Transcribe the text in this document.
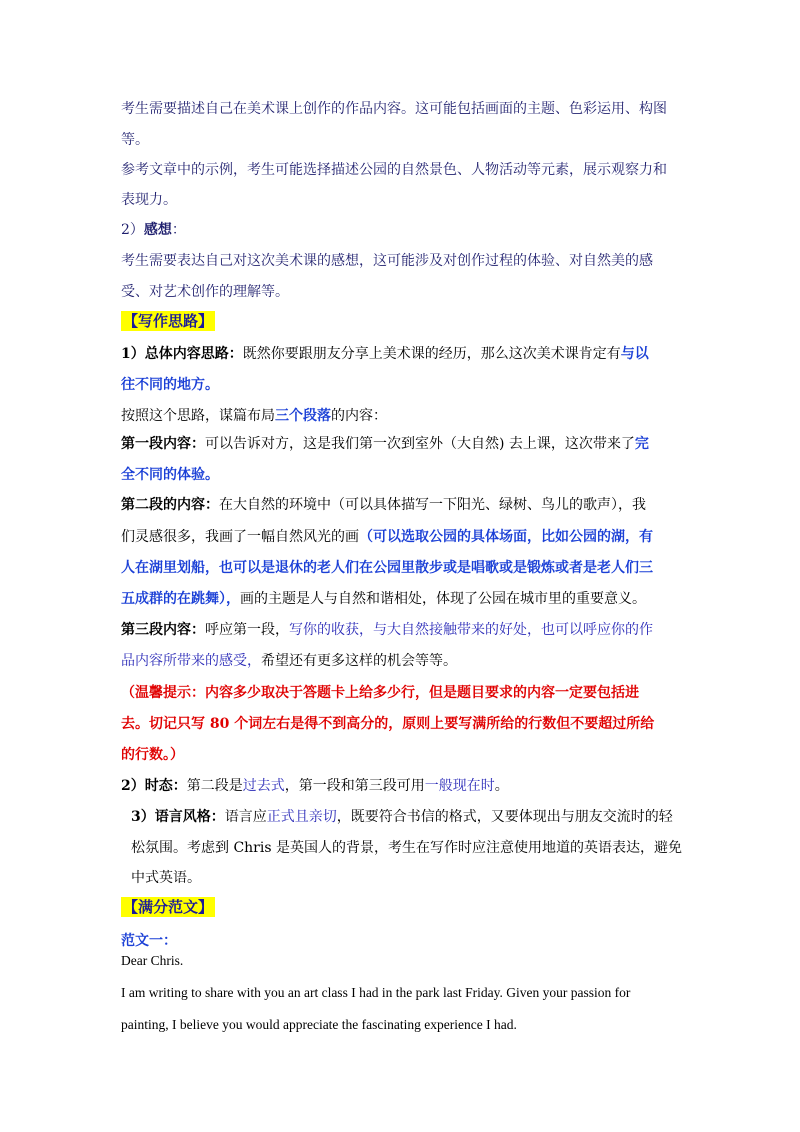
考生需要描述自己在美术课上创作的作品内容。这可能包括画面的主题、色彩运用、构图
等。
参考文章中的示例，考生可能选择描述公园的自然景色、人物活动等元素，展示观察力和
表现力。
2）感想：
考生需要表达自己对这次美术课的感想，这可能涉及对创作过程的体验、对自然美的感
受、对艺术创作的理解等。
【写作思路】
1）总体内容思路：既然你要跟朋友分享上美术课的经历，那么这次美术课肯定有与以
往不同的地方。
按照这个思路，谋篇布局三个段落的内容：
第一段内容：可以告诉对方，这是我们第一次到室外（大自然) 去上课，这次带来了完
全不同的体验。
第二段的内容：在大自然的环境中（可以具体描写一下阳光、绿树、鸟儿的歌声），我
们灵感很多，我画了一幅自然风光的画（可以选取公园的具体场面，比如公园的湖，有
人在湖里划船，也可以是退休的老人们在公园里散步或是唱歌或是锻炼或者是老人们三
五成群的在跳舞），画的主题是人与自然和谐相处，体现了公园在城市里的重要意义。
第三段内容：呼应第一段，写你的收获，与大自然接触带来的好处，也可以呼应你的作
品内容所带来的感受，希望还有更多这样的机会等等。
（温馨提示：内容多少取决于答题卡上给多少行，但是题目要求的内容一定要包括进
去。切记只写 80 个词左右是得不到高分的，原则上要写满所给的行数但不要超过所给
的行数。）
2）时态：第二段是过去式，第一段和第三段可用一般现在时。
3）语言风格：语言应正式且亲切，既要符合书信的格式，又要体现出与朋友交流时的轻
松氛围。考虑到 Chris 是英国人的背景，考生在写作时应注意使用地道的英语表达，避免
中式英语。
【满分范文】
范文一：
Dear Chris.
I am writing to share with you an art class I had in the park last Friday. Given your passion for
painting, I believe you would appreciate the fascinating experience I had.
